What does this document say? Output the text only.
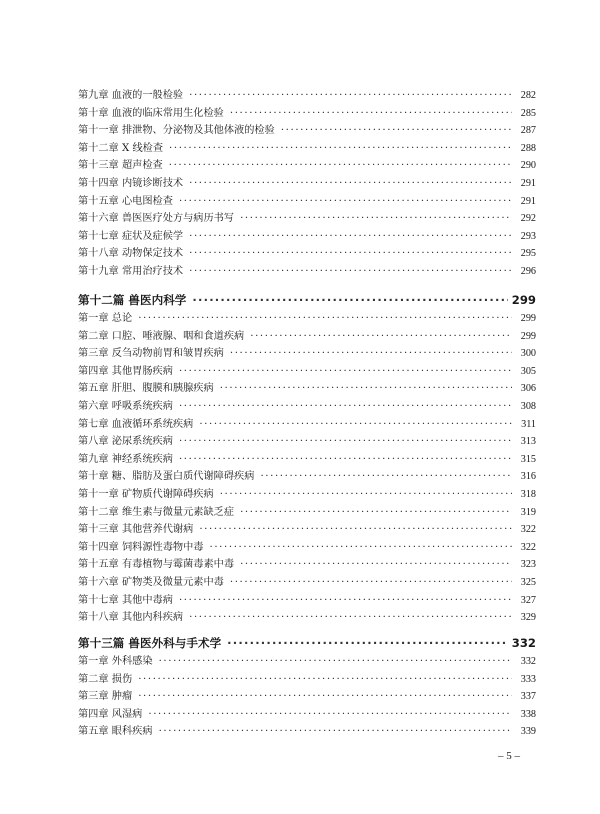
第九章 血液的一般检验 ·····	282
第十章 血液的临床常用生化检验 ·····	285
第十一章 排泄物、分泌物及其他体液的检验 ·····	287
第十二章 X 线检查 ·····	288
第十三章 超声检查 ·····	290
第十四章 内镜诊断技术 ·····	291
第十五章 心电图检查 ·····	291
第十六章 兽医医疗处方与病历书写 ·····	292
第十七章 症状及症候学 ·····	293
第十八章 动物保定技术 ·····	295
第十九章 常用治疗技术 ·····	296
第十二篇 兽医内科学 ·····	299
第一章 总论 ·····	299
第二章 口腔、唾液腺、咽和食道疾病 ·····	299
第三章 反刍动物前胃和皱胃疾病 ·····	300
第四章 其他胃肠疾病 ·····	305
第五章 肝胆、腹膜和胰腺疾病 ·····	306
第六章 呼吸系统疾病 ·····	308
第七章 血液循环系统疾病 ·····	311
第八章 泌尿系统疾病 ·····	313
第九章 神经系统疾病 ·····	315
第十章 糖、脂肪及蛋白质代谢障碍疾病 ·····	316
第十一章 矿物质代谢障碍疾病 ·····	318
第十二章 维生素与微量元素缺乏症 ·····	319
第十三章 其他营养代谢病 ·····	322
第十四章 饲料源性毒物中毒 ·····	322
第十五章 有毒植物与霉菌毒素中毒 ·····	323
第十六章 矿物类及微量元素中毒 ·····	325
第十七章 其他中毒病 ·····	327
第十八章 其他内科疾病 ·····	329
第十三篇 兽医外科与手术学 ·····	332
第一章 外科感染 ·····	332
第二章 损伤 ·····	333
第三章 肿瘤 ·····	337
第四章 风湿病 ·····	338
第五章 眼科疾病 ·····	339
– 5 –
